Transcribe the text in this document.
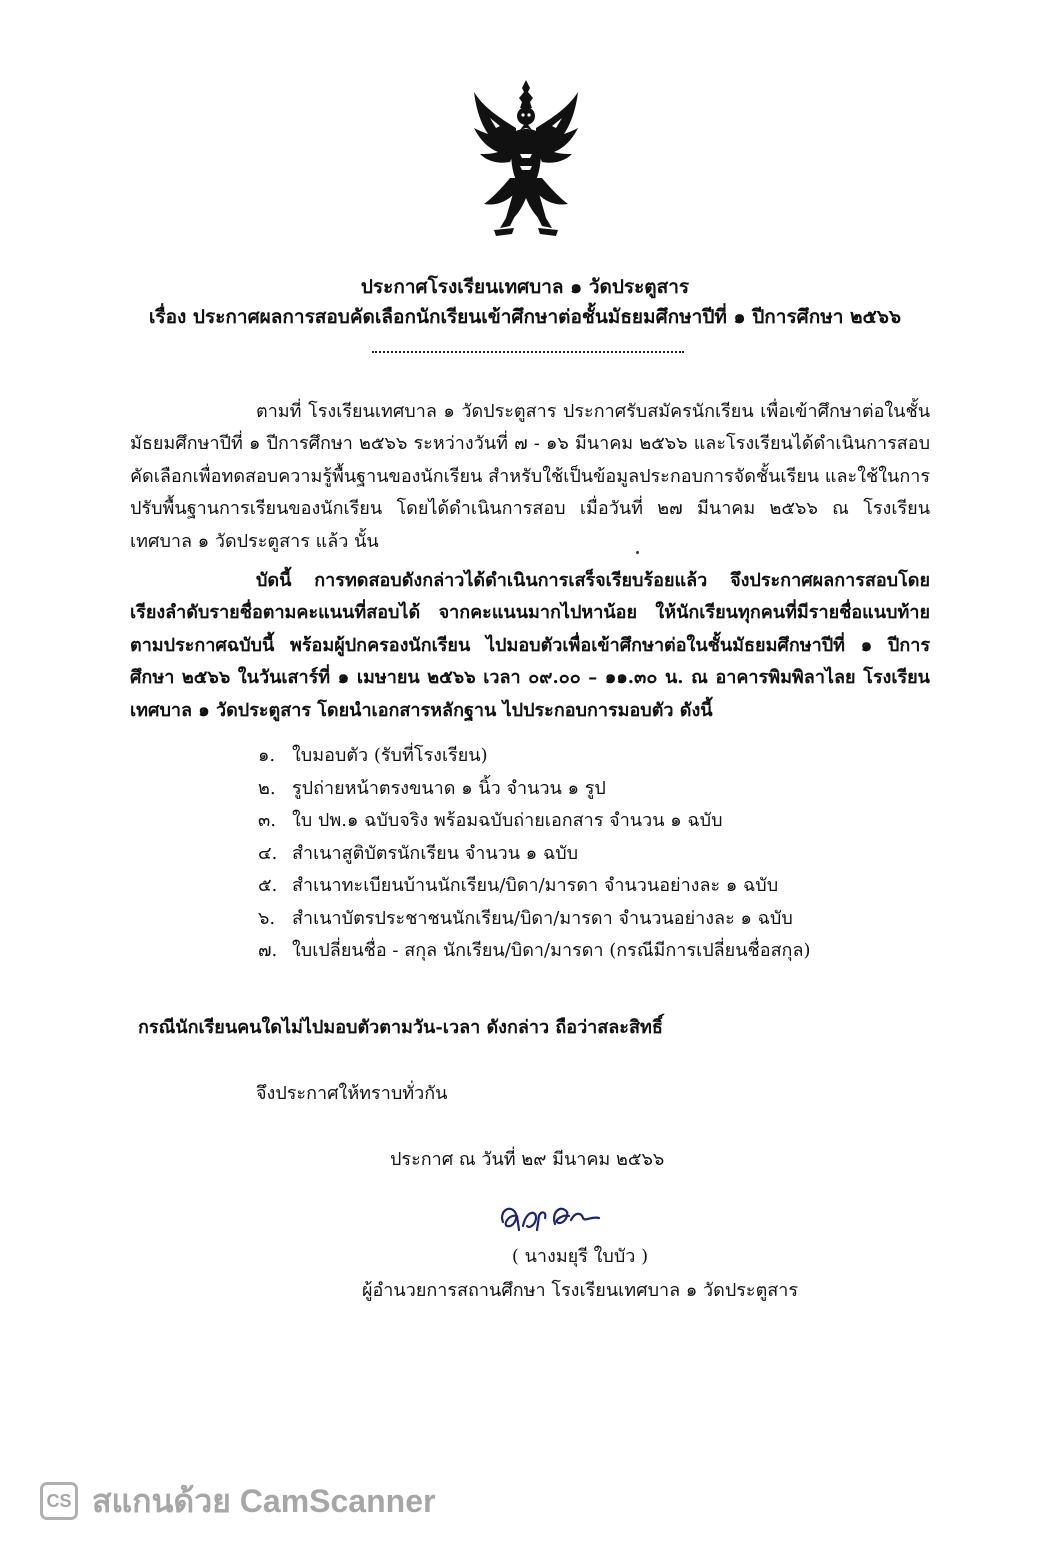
ประกาศโรงเรียนเทศบาล ๑ วัดประตูสาร
เรื่อง ประกาศผลการสอบคัดเลือกนักเรียนเข้าศึกษาต่อชั้นมัธยมศึกษาปีที่ ๑ ปีการศึกษา ๒๕๖๖

ตามที่ โรงเรียนเทศบาล ๑ วัดประตูสาร ประกาศรับสมัครนักเรียน เพื่อเข้าศึกษาต่อในชั้นมัธยมศึกษาปีที่ ๑ ปีการศึกษา ๒๕๖๖ ระหว่างวันที่ ๗ - ๑๖ มีนาคม ๒๕๖๖ และโรงเรียนได้ดำเนินการสอบคัดเลือกเพื่อทดสอบความรู้พื้นฐานของนักเรียน สำหรับใช้เป็นข้อมูลประกอบการจัดชั้นเรียน และใช้ในการปรับพื้นฐานการเรียนของนักเรียน โดยได้ดำเนินการสอบ เมื่อวันที่ ๒๗ มีนาคม ๒๕๖๖ ณ โรงเรียนเทศบาล ๑ วัดประตูสาร แล้ว นั้น

บัดนี้ การทดสอบดังกล่าวได้ดำเนินการเสร็จเรียบร้อยแล้ว จึงประกาศผลการสอบโดยเรียงลำดับรายชื่อตามคะแนนที่สอบได้ จากคะแนนมากไปหาน้อย ให้นักเรียนทุกคนที่มีรายชื่อแนบท้ายตามประกาศฉบับนี้ พร้อมผู้ปกครองนักเรียน ไปมอบตัวเพื่อเข้าศึกษาต่อในชั้นมัธยมศึกษาปีที่ ๑ ปีการศึกษา ๒๕๖๖ ในวันเสาร์ที่ ๑ เมษายน ๒๕๖๖ เวลา ๐๙.๐๐ – ๑๑.๓๐ น. ณ อาคารพิมพิลาไลย โรงเรียนเทศบาล ๑ วัดประตูสาร โดยนำเอกสารหลักฐาน ไปประกอบการมอบตัว ดังนี้

๑. ใบมอบตัว (รับที่โรงเรียน)
๒. รูปถ่ายหน้าตรงขนาด ๑ นิ้ว จำนวน ๑ รูป
๓. ใบ ปพ.๑ ฉบับจริง พร้อมฉบับถ่ายเอกสาร จำนวน ๑ ฉบับ
๔. สำเนาสูติบัตรนักเรียน จำนวน ๑ ฉบับ
๕. สำเนาทะเบียนบ้านนักเรียน/บิดา/มารดา จำนวนอย่างละ ๑ ฉบับ
๖. สำเนาบัตรประชาชนนักเรียน/บิดา/มารดา จำนวนอย่างละ ๑ ฉบับ
๗. ใบเปลี่ยนชื่อ - สกุล นักเรียน/บิดา/มารดา (กรณีมีการเปลี่ยนชื่อสกุล)

กรณีนักเรียนคนใดไม่ไปมอบตัวตามวัน-เวลา ดังกล่าว ถือว่าสละสิทธิ์

จึงประกาศให้ทราบทั่วกัน

ประกาศ ณ วันที่ ๒๙ มีนาคม ๒๕๖๖
( นางมยุรี ใบบัว )
ผู้อำนวยการสถานศึกษา โรงเรียนเทศบาล ๑ วัดประตูสาร
CS สแกนด้วย CamScanner
